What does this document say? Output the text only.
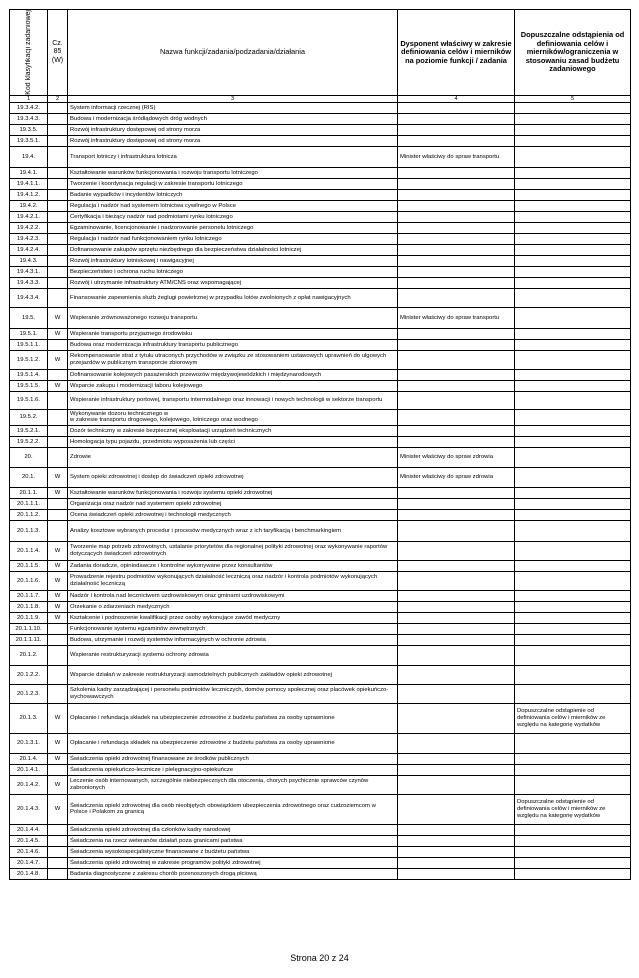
Kod klasyfikacji zadaniowej	Cz. 85 (W)	Nazwa funkcji/zadania/podzadania/działania	Dysponent właściwy w zakresie definiowania celów i mierników na poziomie funkcji / zadania	Dopuszczalne odstąpienia od definiowania celów i mierników/ograniczenia w stosowaniu zasad budżetu zadaniowego
1	2	3	4	5
19.3.4.2.		System informacji rzecznej (RIS)		
19.3.4.3.		Budowa i modernizacja śródlądowych dróg wodnych		
19.3.5.		Rozwój infrastruktury dostępowej od strony morza		
19.3.5.1.		Rozwój infrastruktury dostępowej od strony morza		
19.4.		Transport lotniczy i infrastruktura lotnicza	Minister właściwy do spraw transportu	
19.4.1.		Kształtowanie warunków funkcjonowania i rozwoju transportu lotniczego		
19.4.1.1.		Tworzenie i koordynacja regulacji w zakresie transportu lotniczego		
19.4.1.2.		Badanie wypadków i incydentów lotniczych		
19.4.2.		Regulacja i nadzór nad systemem lotnictwa cywilnego w Polsce		
19.4.2.1.		Certyfikacja i bieżący nadzór nad podmiotami rynku lotniczego		
19.4.2.2.		Egzaminowanie, licencjonowanie i nadzorowanie personelu lotniczego		
19.4.2.3.		Regulacja i nadzór nad funkcjonowaniem rynku lotniczego		
19.4.2.4.		Dofinansowanie zakupów sprzętu niezbędnego dla bezpieczeństwa działalności lotniczej		
19.4.3.		Rozwój infrastruktury lotniskowej i nawigacyjnej		
19.4.3.1.		Bezpieczeństwo i ochrona ruchu lotniczego		
19.4.3.3.		Rozwój i utrzymanie infrastruktury ATM/CNS oraz wspomagającej		
19.4.3.4.		Finansowanie zapewnienia służb żeglugi powietrznej w przypadku lotów zwolnionych z opłat nawigacyjnych		
19.5.	W	Wspieranie zrównoważonego rozwoju transportu	Minister właściwy do spraw transportu	
19.5.1.	W	Wspieranie transportu przyjaznego środowisku		
19.5.1.1.		Budowa oraz modernizacja infrastruktury transportu publicznego		
19.5.1.2.	W	Rekompensowanie strat z tytułu utraconych przychodów w związku ze stosowaniem ustawowych uprawnień do ulgowych przejazdów w publicznym transporcie zbiorowym		
19.5.1.4.		Dofinansowanie kolejowych pasażerskich przewozów międzywojewódzkich i międzynarodowych		
19.5.1.5.	W	Wsparcie zakupu i modernizacji taboru kolejowego		
19.5.1.6.		Wspieranie infrastruktury portowej, transportu intermodalnego oraz innowacji i nowych technologii w sektorze transportu		
19.5.2.		Wykonywanie dozoru technicznego w
w zakresie transportu drogowego, kolejowego, lotniczego oraz wodnego		
19.5.2.1.		Dozór techniczny w zakresie bezpiecznej eksploatacji urządzeń technicznych		
19.5.2.2.		Homologacja typu pojazdu, przedmiotu wyposażenia lub części		
20.		Zdrowie	Minister właściwy do spraw zdrowia	
20.1.	W	System opieki zdrowotnej i dostęp do świadczeń opieki zdrowotnej	Minister właściwy do spraw zdrowia	
20.1.1.	W	Kształtowanie warunków funkcjonowania i rozwoju systemu opieki zdrowotnej		
20.1.1.1.		Organizacja oraz nadzór nad systemem opieki zdrowotnej		
20.1.1.2.		Ocena świadczeń opieki zdrowotnej i technologii medycznych		
20.1.1.3.		Analizy kosztowe wybranych procedur i procesów medycznych wraz z ich taryfikacją i benchmarkingiem		
20.1.1.4.	W	Tworzenie map potrzeb zdrowotnych, ustalanie priorytetów dla regionalnej polityki zdrowotnej oraz wykonywanie raportów dotyczących świadczeń zdrowotnych		
20.1.1.5.	W	Zadania doradcze, opiniodawcze i kontrolne wykonywane przez konsultantów		
20.1.1.6.	W	Prowadzenie rejestru podmiotów wykonujących działalność leczniczą oraz nadzór i kontrola podmiotów wykonujących działalność leczniczą		
20.1.1.7.	W	Nadzór i kontrola nad lecznictwem uzdrowiskowym oraz gminami uzdrowiskowymi		
20.1.1.8.	W	Orzekanie o zdarzeniach medycznych		
20.1.1.9.	W	Kształcenie i podnoszenie kwalifikacji przez osoby wykonujące zawód medyczny		
20.1.1.10.		Funkcjonowanie systemu egzaminów zewnętrznych		
20.1.1.11.		Budowa, utrzymanie i rozwój systemów informacyjnych w ochronie zdrowia		
20.1.2.		Wspieranie restrukturyzacji systemu ochrony zdrowia		
20.1.2.2.		Wsparcie działań w zakresie restrukturyzacji samodzielnych publicznych zakładów opieki zdrowotnej		
20.1.2.3.		Szkolenia kadry zarządzającej i personelu podmiotów leczniczych, domów pomocy społecznej oraz placówek opiekuńczo-wychowawczych		
20.1.3.	W	Opłacanie i refundacja składek na ubezpieczenie zdrowotne z budżetu państwa za osoby uprawnione		Dopuszczalne odstąpienie od definiowania celów i mierników ze względu na kategorię wydatków
20.1.3.1.	W	Opłacanie i refundacja składek na ubezpieczenie zdrowotne z budżetu państwa za osoby uprawnione		
20.1.4.	W	Świadczenia opieki zdrowotnej finansowane ze środków publicznych		
20.1.4.1.		Świadczenia opiekuńczo-lecznicze i pielęgnacyjno-opiekuńcze		
20.1.4.2.	W	Leczenie osób internowanych, szczególnie niebezpiecznych dla otoczenia, chorych psychicznie sprawców czynów zabronionych		
20.1.4.3.	W	Świadczenia opieki zdrowotnej dla osób nieobjętych obowiązkiem ubezpieczenia zdrowotnego oraz cudzoziemcom w Polsce i Polakom za granicą		Dopuszczalne odstąpienie od definiowania celów i mierników ze względu na kategorię wydatków
20.1.4.4.		Świadczenia opieki zdrowotnej dla członków kadry narodowej		
20.1.4.5.		Świadczenia na rzecz weteranów działań poza granicami państwa		
20.1.4.6.		Świadczenia wysokospecjalistyczne finansowane z budżetu państwa		
20.1.4.7.		Świadczenia opieki zdrowotnej w zakresie programów polityki zdrowotnej		
20.1.4.8.		Badania diagnostyczne z zakresu chorób przenoszonych drogą płciową		
Strona 20 z 24
